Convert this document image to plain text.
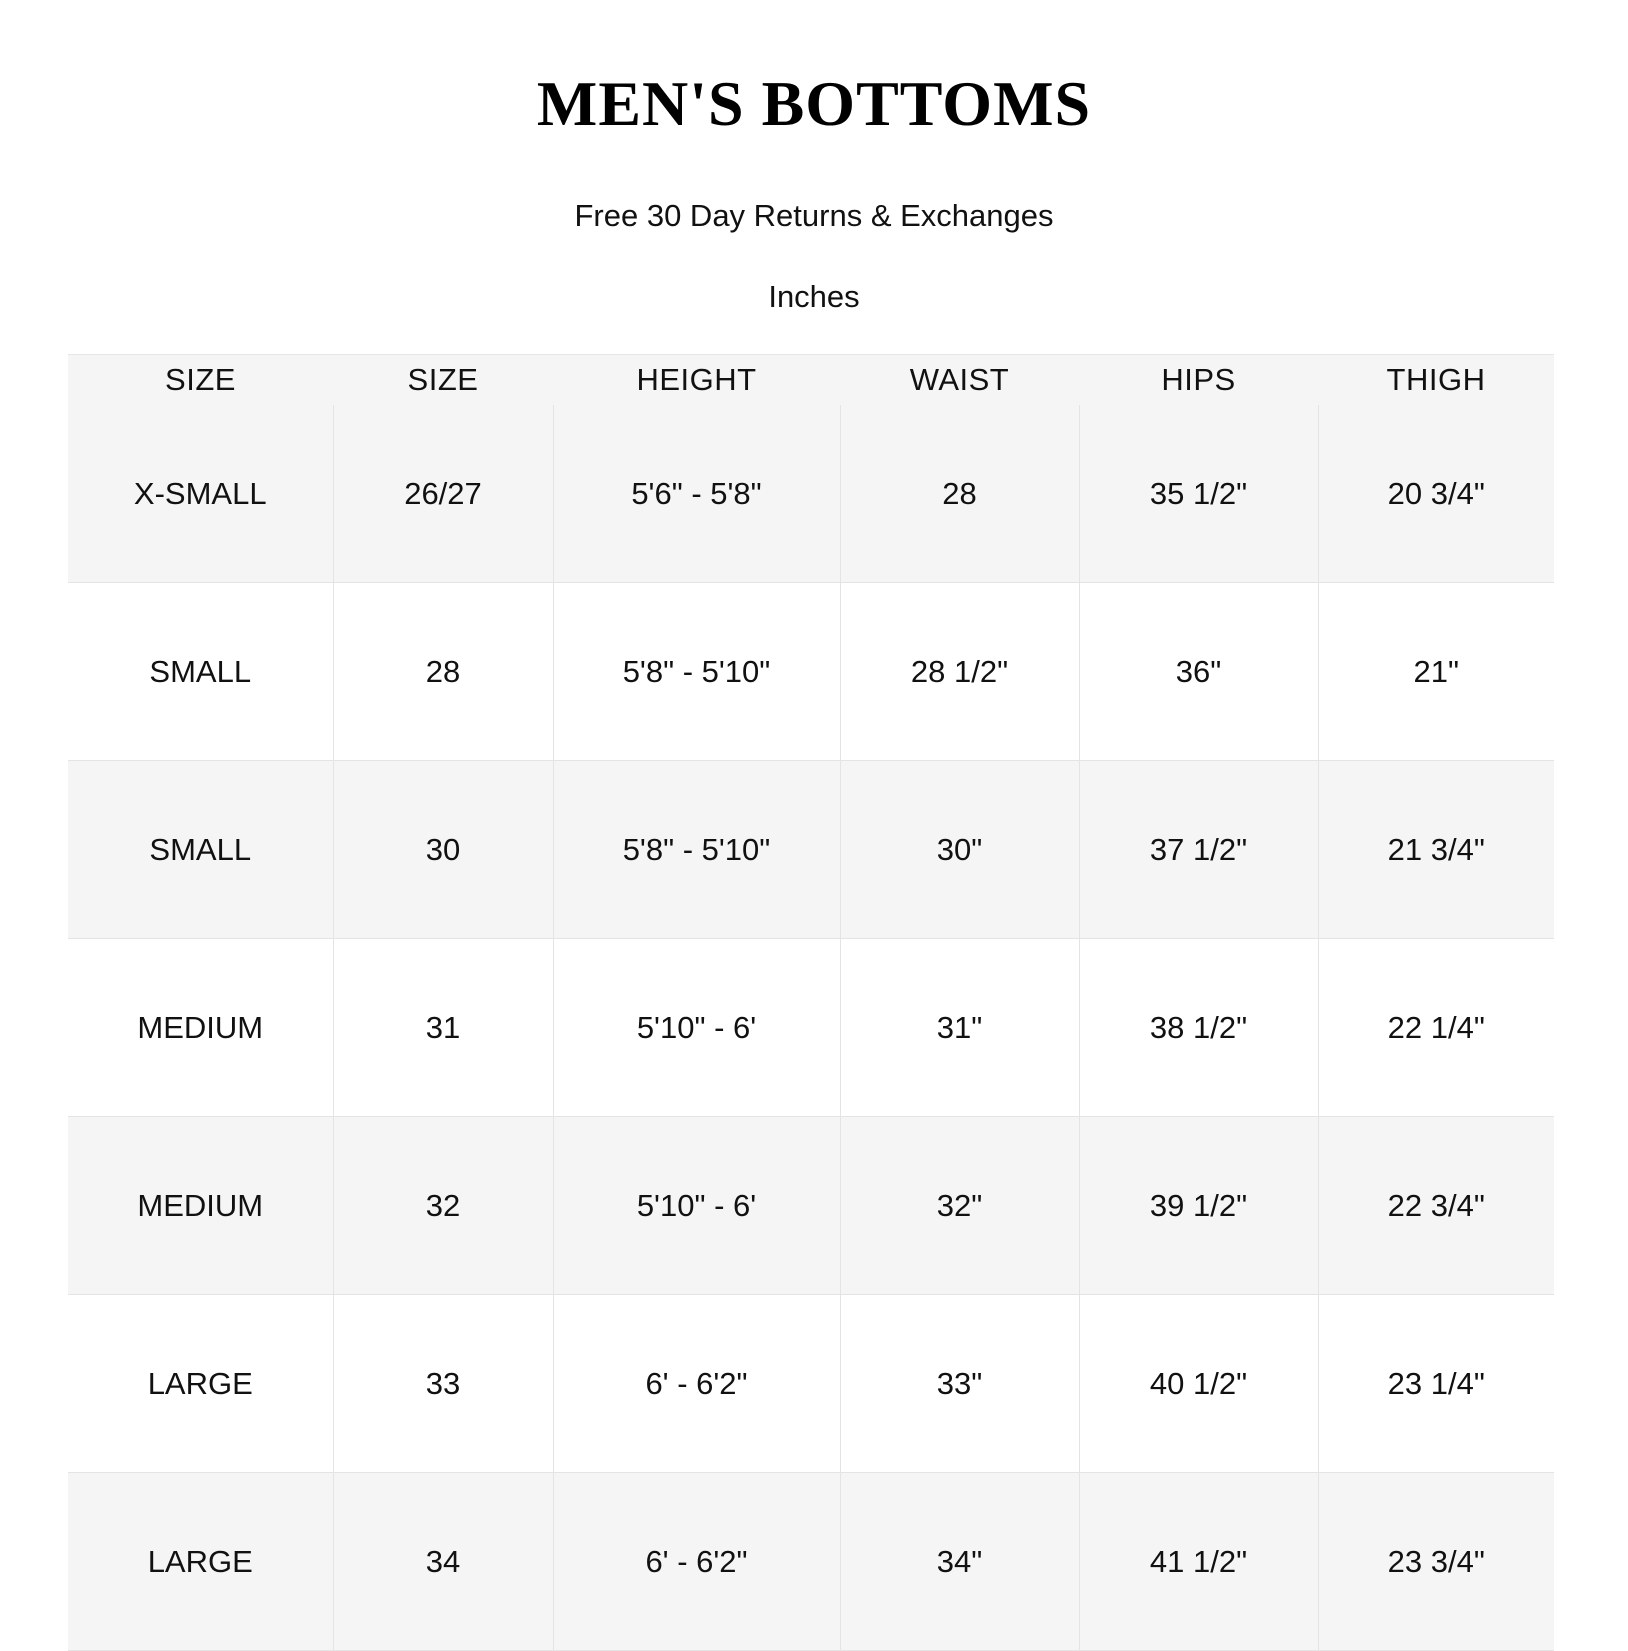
MEN'S BOTTOMS
Free 30 Day Returns & Exchanges
Inches
SIZE	SIZE	HEIGHT	WAIST	HIPS	THIGH
X-SMALL	26/27	5'6" - 5'8"	28	35 1/2"	20 3/4"
SMALL	28	5'8" - 5'10"	28 1/2"	36"	21"
SMALL	30	5'8" - 5'10"	30"	37 1/2"	21 3/4"
MEDIUM	31	5'10" - 6'	31"	38 1/2"	22 1/4"
MEDIUM	32	5'10" - 6'	32"	39 1/2"	22 3/4"
LARGE	33	6' - 6'2"	33"	40 1/2"	23 1/4"
LARGE	34	6' - 6'2"	34"	41 1/2"	23 3/4"
